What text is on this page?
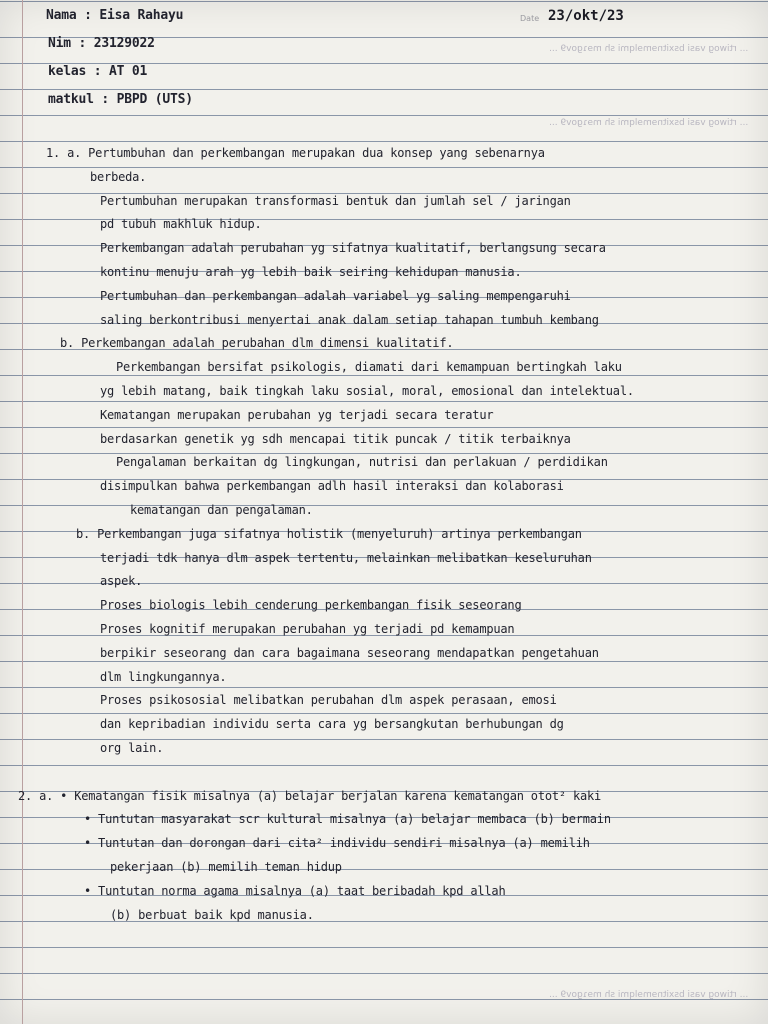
Date 23/okt/23
Nama : Eisa Rahayu
Nim : 23129022
kelas : AT 01
matkul : PBPD (UTS)
... rtiwog vasi bsxitnɘmɘlqmi sh mɘɿgov9 ...
... rtiwog vasi bsxitnɘmɘlqmi sh mɘɿgov9 ...
... rtiwog vasi bsxitnɘmɘlqmi sh mɘɿgov9 ...
1. a. Pertumbuhan dan perkembangan merupakan dua konsep yang sebenarnya
berbeda.
Pertumbuhan merupakan transformasi bentuk dan jumlah sel / jaringan
pd tubuh makhluk hidup.
Perkembangan adalah perubahan yg sifatnya kualitatif, berlangsung secara
kontinu menuju arah yg lebih baik seiring kehidupan manusia.
Pertumbuhan dan perkembangan adalah variabel yg saling mempengaruhi
saling berkontribusi menyertai anak dalam setiap tahapan tumbuh kembang
b. Perkembangan adalah perubahan dlm dimensi kualitatif.
Perkembangan bersifat psikologis, diamati dari kemampuan bertingkah laku
yg lebih matang, baik tingkah laku sosial, moral, emosional dan intelektual.
Kematangan merupakan perubahan yg terjadi secara teratur
berdasarkan genetik yg sdh mencapai titik puncak / titik terbaiknya
Pengalaman berkaitan dg lingkungan, nutrisi dan perlakuan / perdidikan
disimpulkan bahwa perkembangan adlh hasil interaksi dan kolaborasi
kematangan dan pengalaman.
b. Perkembangan juga sifatnya holistik (menyeluruh) artinya perkembangan
terjadi tdk hanya dlm aspek tertentu, melainkan melibatkan keseluruhan
aspek.
Proses biologis lebih cenderung perkembangan fisik seseorang
Proses kognitif merupakan perubahan yg terjadi pd kemampuan
berpikir seseorang dan cara bagaimana seseorang mendapatkan pengetahuan
dlm lingkungannya.
Proses psikososial melibatkan perubahan dlm aspek perasaan, emosi
dan kepribadian individu serta cara yg bersangkutan berhubungan dg
org lain.
2. a. • Kematangan fisik misalnya (a) belajar berjalan karena kematangan otot² kaki
• Tuntutan masyarakat scr kultural misalnya (a) belajar membaca (b) bermain
• Tuntutan dan dorongan dari cita² individu sendiri misalnya (a) memilih
pekerjaan (b) memilih teman hidup
• Tuntutan norma agama misalnya (a) taat beribadah kpd allah
(b) berbuat baik kpd manusia.
